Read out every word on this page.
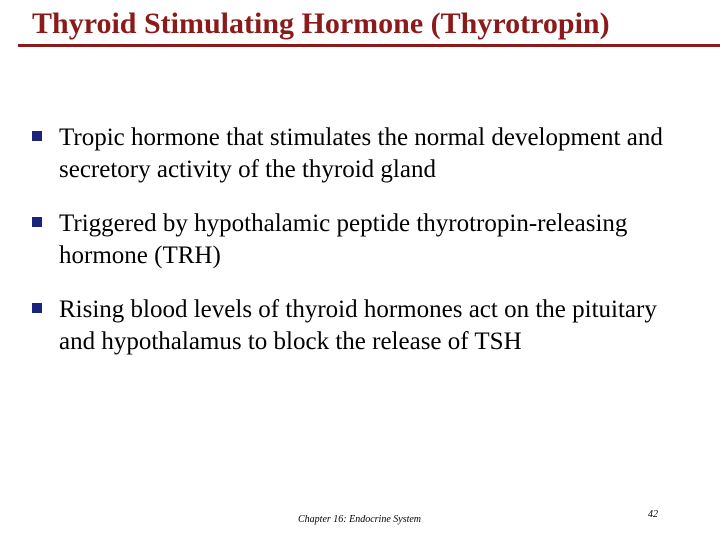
Thyroid Stimulating Hormone (Thyrotropin)
Tropic hormone that stimulates the normal development and secretory activity of the thyroid gland
Triggered by hypothalamic peptide thyrotropin-releasing hormone (TRH)
Rising blood levels of thyroid hormones act on the pituitary and hypothalamus to block the release of TSH
Chapter 16: Endocrine System	42
